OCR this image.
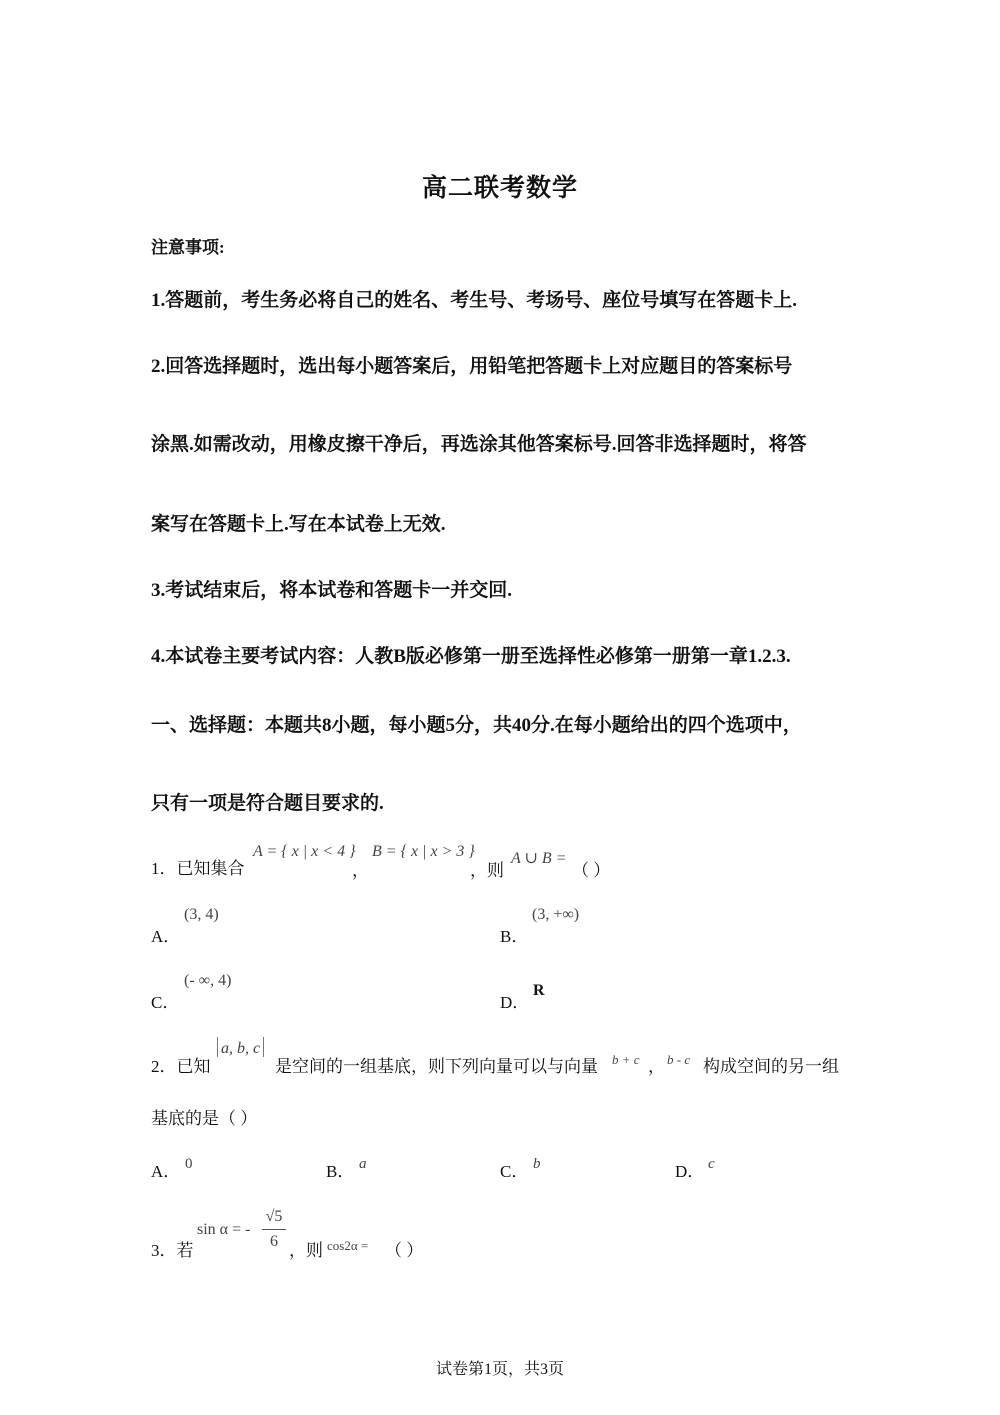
高二联考数学
注意事项:
1.答题前，考生务必将自己的姓名、考生号、考场号、座位号填写在答题卡上.
2.回答选择题时，选出每小题答案后，用铅笔把答题卡上对应题目的答案标号
涂黑.如需改动，用橡皮擦干净后，再选涂其他答案标号.回答非选择题时，将答
案写在答题卡上.写在本试卷上无效.
3.考试结束后，将本试卷和答题卡一并交回.
4.本试卷主要考试内容：人教B版必修第一册至选择性必修第一册第一章1.2.3.
一、选择题：本题共8小题，每小题5分，共40分.在每小题给出的四个选项中，
只有一项是符合题目要求的.
1．已知集合
A = { x | x < 4 }
，
B = { x | x > 3 }
，则
A ∪ B =
（ ）
A．
(3, 4)
B．
(3, +∞)
C．
(- ∞, 4)
D．
R
2．已知
a, b, c
是空间的一组基底，则下列向量可以与向量 b + c ， b - c 构成空间的另一组
基底的是（ ）
A． 0	B． a	C． b	D． c
3．若
sin α = -
√5
6 ，则 cos2α = （ ）
试卷第1页，共3页
